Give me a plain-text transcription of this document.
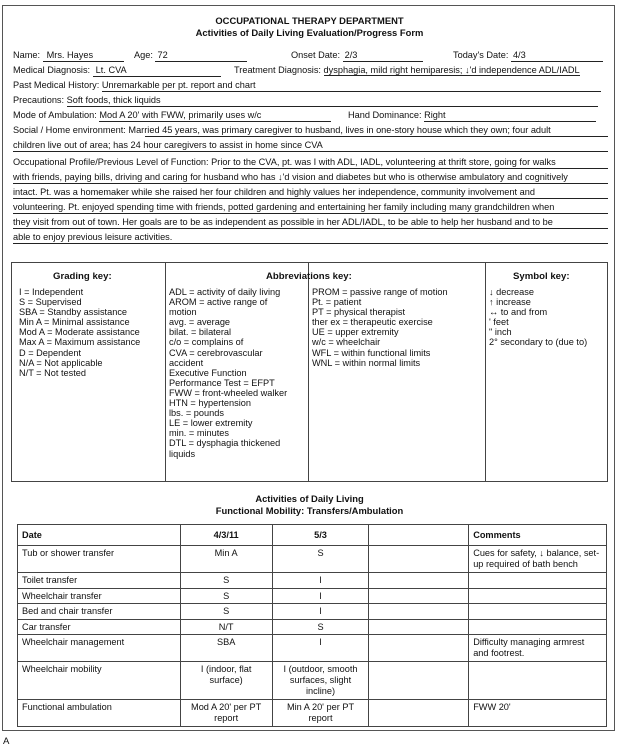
OCCUPATIONAL THERAPY DEPARTMENT
Activities of Daily Living Evaluation/Progress Form
Name: Mrs. Hayes	Age: 72	Onset Date: 2/3	Today's Date: 4/3
Medical Diagnosis: Lt. CVA	Treatment Diagnosis: dysphagia, mild right hemiparesis; ↓'d independence ADL/IADL
Past Medical History: Unremarkable per pt. report and chart
Precautions: Soft foods, thick liquids
Mode of Ambulation: Mod A 20' with FWW, primarily uses w/c	Hand Dominance: Right
Social / Home environment: Married 45 years, was primary caregiver to husband, lives in one-story house which they own; four adult
children live out of area; has 24 hour caregivers to assist in home since CVA
Occupational Profile/Previous Level of Function: Prior to the CVA, pt. was I with ADL, IADL, volunteering at thrift store, going for walks
with friends, paying bills, driving and caring for husband who has ↓'d vision and diabetes but who is otherwise ambulatory and cognitively
intact. Pt. was a homemaker while she raised her four children and highly values her independence, community involvement and
volunteering. Pt. enjoyed spending time with friends, potted gardening and entertaining her family including many grandchildren when
they visit from out of town. Her goals are to be as independent as possible in her ADL/IADL, to be able to help her husband and to be
able to enjoy previous leisure activities.
Grading key:	Abbreviations key:	Symbol key:
I = Independent
S = Supervised
SBA = Standby assistance
Min A = Minimal assistance
Mod A = Moderate assistance
Max A = Maximum assistance
D = Dependent
N/A = Not applicable
N/T = Not tested
ADL = activity of daily living
AROM = active range of
motion
avg. = average
bilat. = bilateral
c/o = complains of
CVA = cerebrovascular
accident
Executive Function
Performance Test = EFPT
FWW = front-wheeled walker
HTN = hypertension
lbs. = pounds
LE = lower extremity
min. = minutes
DTL = dysphagia thickened
liquids
PROM = passive range of motion
Pt. = patient
PT = physical therapist
ther ex = therapeutic exercise
UE = upper extremity
w/c = wheelchair
WFL = within functional limits
WNL = within normal limits
↓ decrease
↑ increase
↔ to and from
' feet
" inch
2° secondary to (due to)
Activities of Daily Living
Functional Mobility: Transfers/Ambulation
Date	4/3/11	5/3		Comments
Tub or shower transfer	Min A	S		Cues for safety, ↓ balance, set-up required of bath bench
Toilet transfer	S	I		
Wheelchair transfer	S	I		
Bed and chair transfer	S	I		
Car transfer	N/T	S		
Wheelchair management	SBA	I		Difficulty managing armrest and footrest.
Wheelchair mobility	I (indoor, flat surface)	I (outdoor, smooth surfaces, slight incline)		
Functional ambulation	Mod A 20' per PT report	Min A 20' per PT report		FWW 20'
A
